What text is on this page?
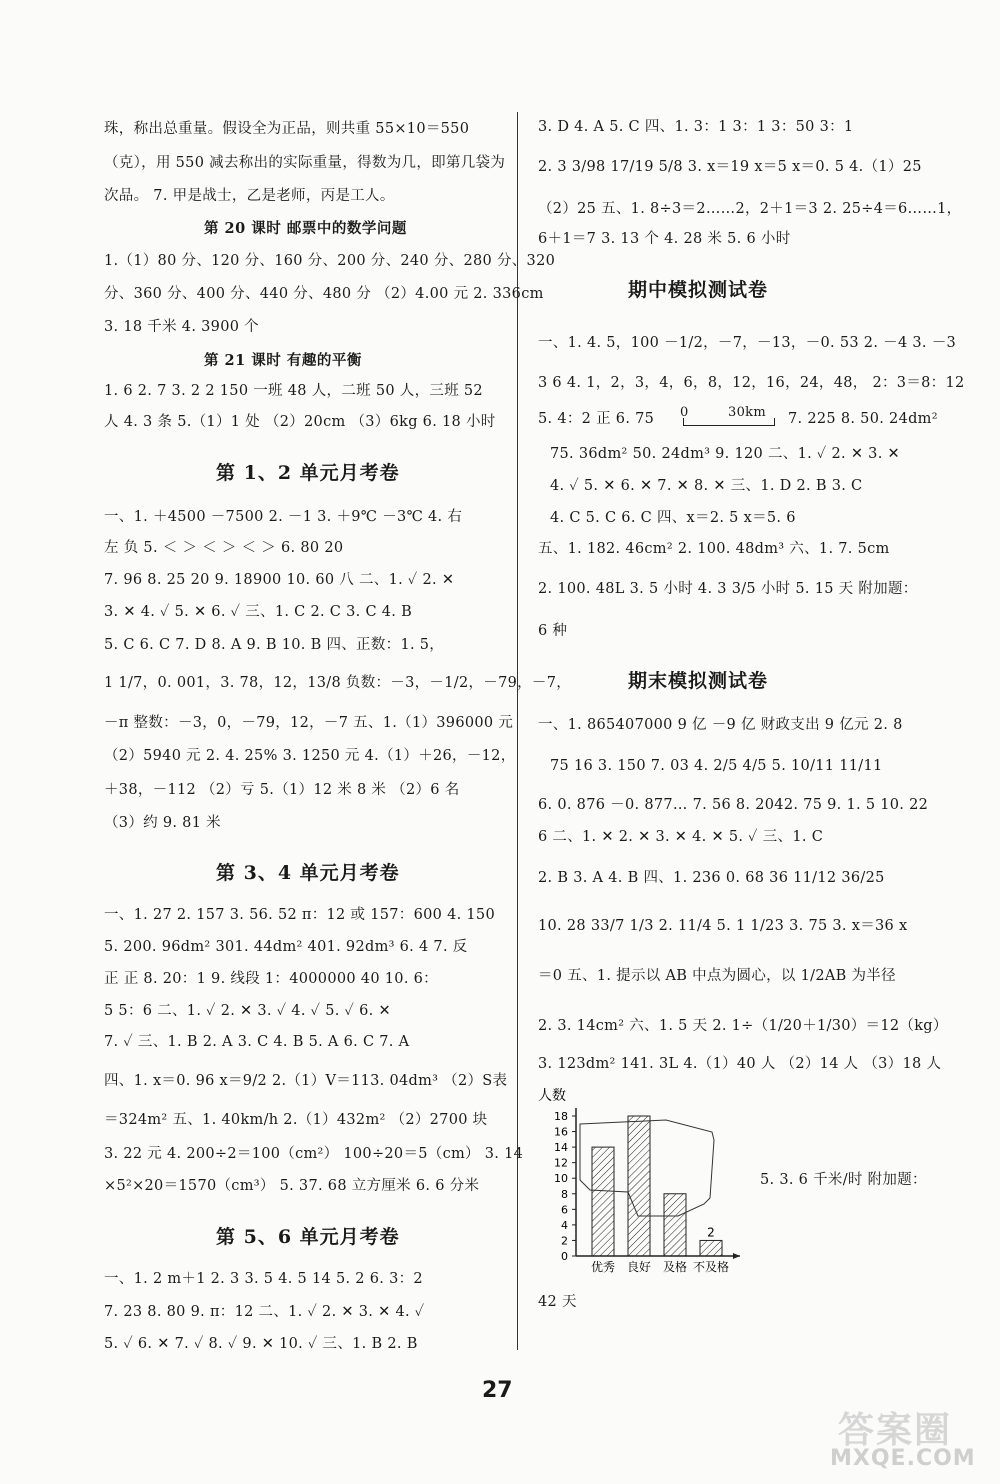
珠，称出总重量。假设全为正品，则共重 55×10＝550
（克），用 550 减去称出的实际重量，得数为几，即第几袋为
次品。 7. 甲是战士，乙是老师，丙是工人。
第 20 课时 邮票中的数学问题
1.（1）80 分、120 分、160 分、200 分、240 分、280 分、320
分、360 分、400 分、440 分、480 分 （2）4.00 元 2. 336cm
3. 18 千米 4. 3900 个
第 21 课时 有趣的平衡
1. 6 2. 7 3. 2 2 150 一班 48 人，二班 50 人，三班 52
人 4. 3 条 5.（1）1 处 （2）20cm （3）6kg 6. 18 小时
第 1、2 单元月考卷
一、1. ＋4500 －7500 2. －1 3. ＋9℃ －3℃ 4. 右
左 负 5. ＜ ＞ ＜ ＞ ＜ ＞ 6. 80 20
7. 96 8. 25 20 9. 18900 10. 60 八 二、1. ✓ 2. ✕
3. ✕ 4. ✓ 5. ✕ 6. ✓ 三、1. C 2. C 3. C 4. B
5. C 6. C 7. D 8. A 9. B 10. B 四、正数：1. 5，
1 1/7，0. 001，3. 78，12，13/8 负数：－3，－1/2，－79，－7，
－π 整数：－3，0，－79，12，－7 五、1.（1）396000 元
（2）5940 元 2. 4. 25% 3. 1250 元 4.（1）＋26，－12，
＋38，－112 （2）亏 5.（1）12 米 8 米 （2）6 名
（3）约 9. 81 米
第 3、4 单元月考卷
一、1. 27 2. 157 3. 56. 52 π：12 或 157：600 4. 150
5. 200. 96dm² 301. 44dm² 401. 92dm³ 6. 4 7. 反
正 正 8. 20：1 9. 线段 1：4000000 40 10. 6：
5 5：6 二、1. ✓ 2. ✕ 3. ✓ 4. ✓ 5. ✓ 6. ✕
7. ✓ 三、1. B 2. A 3. C 4. B 5. A 6. C 7. A
四、1. x＝0. 96 x＝9/2 2.（1）V＝113. 04dm³ （2）S表
＝324m² 五、1. 40km/h 2.（1）432m² （2）2700 块
3. 22 元 4. 200÷2＝100（cm²） 100÷20＝5（cm） 3. 14
×5²×20＝1570（cm³） 5. 37. 68 立方厘米 6. 6 分米
第 5、6 单元月考卷
一、1. 2 m＋1 2. 3 3. 5 4. 5 14 5. 2 6. 3：2
7. 23 8. 80 9. π：12 二、1. ✓ 2. ✕ 3. ✕ 4. ✓
5. ✓ 6. ✕ 7. ✓ 8. ✓ 9. ✕ 10. ✓ 三、1. B 2. B
3. D 4. A 5. C 四、1. 3：1 3：1 3：50 3：1
2. 3 3/98 17/19 5/8 3. x＝19 x＝5 x＝0. 5 4.（1）25
（2）25 五、1. 8÷3＝2……2，2＋1＝3 2. 25÷4＝6……1，
6＋1＝7 3. 13 个 4. 28 米 5. 6 小时
期中模拟测试卷
一、1. 4. 5，100 －1/2，－7，－13，－0. 53 2. －4 3. －3
3 6 4. 1，2，3，4，6，8，12，16，24，48， 2：3＝8：12
5. 4：2 正 6. 75 0	30km 7. 225 8. 50. 24dm²
75. 36dm² 50. 24dm³ 9. 120 二、1. ✓ 2. ✕ 3. ✕
4. ✓ 5. ✕ 6. ✕ 7. ✕ 8. ✕ 三、1. D 2. B 3. C
4. C 5. C 6. C 四、x＝2. 5 x＝5. 6
五、1. 182. 46cm² 2. 100. 48dm³ 六、1. 7. 5cm
2. 100. 48L 3. 5 小时 4. 3 3/5 小时 5. 15 天 附加题：
6 种
期末模拟测试卷
一、1. 865407000 9 亿 －9 亿 财政支出 9 亿元 2. 8
75 16 3. 150 7. 03 4. 2/5 4/5 5. 10/11 11/11
6. 0. 876 －0. 877… 7. 56 8. 2042. 75 9. 1. 5 10. 22
6 二、1. ✕ 2. ✕ 3. ✕ 4. ✕ 5. ✓ 三、1. C
2. B 3. A 4. B 四、1. 236 0. 68 36 11/12 36/25
10. 28 33/7 1/3 2. 11/4 5. 1 1/23 3. 75 3. x＝36 x
＝0 五、1. 提示以 AB 中点为圆心，以 1/2AB 为半径
2. 3. 14cm² 六、1. 5 天 2. 1÷（1/20＋1/30）＝12（kg）
3. 123dm² 141. 3L 4.（1）40 人 （2）14 人 （3）18 人
5. 3. 6 千米/时 附加题：
42 天
人数
0
2
4
6
8
10
12
14
16
18
优秀 良好 及格 不及格
2
27
答案圈
MXQE.COM
